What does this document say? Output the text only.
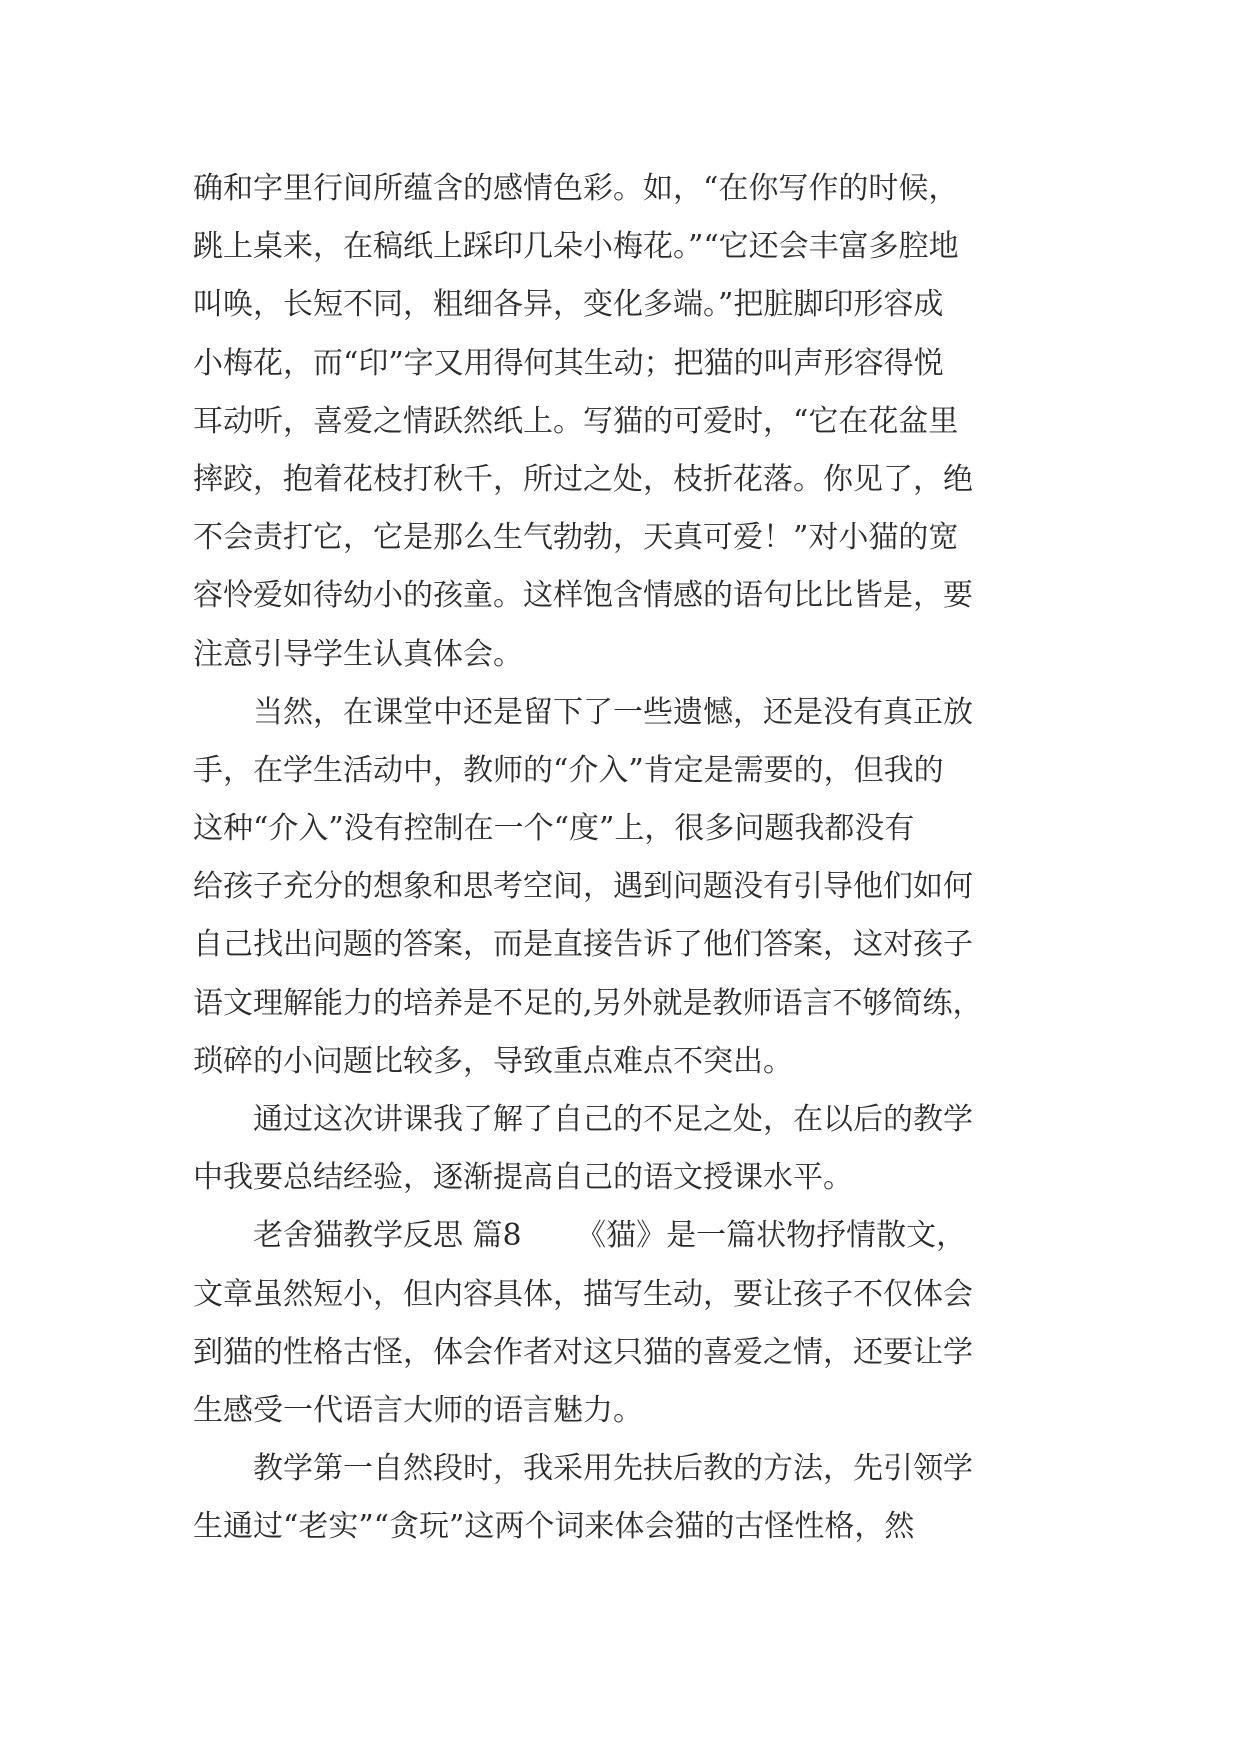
确和字里行间所蕴含的感情色彩。如，“在你写作的时候，
跳上桌来，在稿纸上踩印几朵小梅花。”“它还会丰富多腔地
叫唤，长短不同，粗细各异，变化多端。”把脏脚印形容成
小梅花，而“印”字又用得何其生动；把猫的叫声形容得悦
耳动听，喜爱之情跃然纸上。写猫的可爱时，“它在花盆里
摔跤，抱着花枝打秋千，所过之处，枝折花落。你见了，绝
不会责打它，它是那么生气勃勃，天真可爱！”对小猫的宽
容怜爱如待幼小的孩童。这样饱含情感的语句比比皆是，要
注意引导学生认真体会。
　　当然，在课堂中还是留下了一些遗憾，还是没有真正放
手，在学生活动中，教师的“介入”肯定是需要的，但我的
这种“介入”没有控制在一个“度”上，很多问题我都没有
给孩子充分的想象和思考空间，遇到问题没有引导他们如何
自己找出问题的答案，而是直接告诉了他们答案，这对孩子
语文理解能力的培养是不足的,另外就是教师语言不够简练，
琐碎的小问题比较多，导致重点难点不突出。
　　通过这次讲课我了解了自己的不足之处，在以后的教学
中我要总结经验，逐渐提高自己的语文授课水平。
　　老舍猫教学反思 篇8 　　《猫》是一篇状物抒情散文，
文章虽然短小，但内容具体，描写生动，要让孩子不仅体会
到猫的性格古怪，体会作者对这只猫的喜爱之情，还要让学
生感受一代语言大师的语言魅力。
　　教学第一自然段时，我采用先扶后教的方法，先引领学
生通过“老实”“贪玩”这两个词来体会猫的古怪性格，然
